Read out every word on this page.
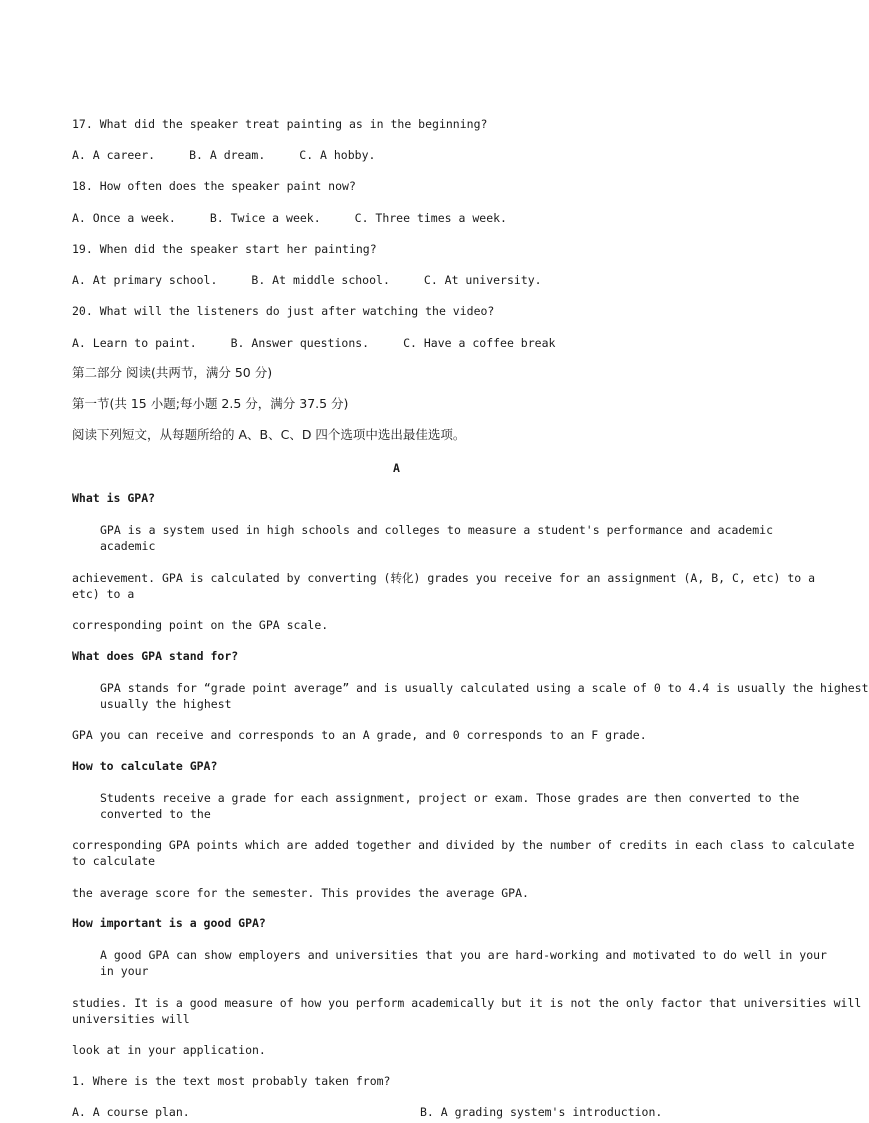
17. What did the speaker treat painting as in the beginning?
A. A career.	B. A dream.	C. A hobby.
18. How often does the speaker paint now?
A. Once a week.	B. Twice a week.	C. Three times a week.
19. When did the speaker start her painting?
A. At primary school.	B. At middle school.	C. At university.
20. What will the listeners do just after watching the video?
A. Learn to paint.	B. Answer questions.	C. Have a coffee break
第二部分 阅读(共两节，满分 50 分)
第一节(共 15 小题;每小题 2.5 分，满分 37.5 分)
阅读下列短文，从每题所给的 A、B、C、D 四个选项中选出最佳选项。
A
What is GPA?
GPA is a system used in high schools and colleges to measure a student's performance and academic
academic
achievement. GPA is calculated by converting (转化) grades you receive for an assignment (A, B, C, etc) to a
etc) to a
corresponding point on the GPA scale.
What does GPA stand for?
GPA stands for “grade point average” and is usually calculated using a scale of 0 to 4.4 is usually the highest
usually the highest
GPA you can receive and corresponds to an A grade, and 0 corresponds to an F grade.
How to calculate GPA?
Students receive a grade for each assignment, project or exam. Those grades are then converted to the
converted to the
corresponding GPA points which are added together and divided by the number of credits in each class to calculate
to calculate
the average score for the semester. This provides the average GPA.
How important is a good GPA?
A good GPA can show employers and universities that you are hard-working and motivated to do well in your
in your
studies. It is a good measure of how you perform academically but it is not the only factor that universities will
universities will
look at in your application.
1. Where is the text most probably taken from?
A. A course plan.	B. A grading system's introduction.
